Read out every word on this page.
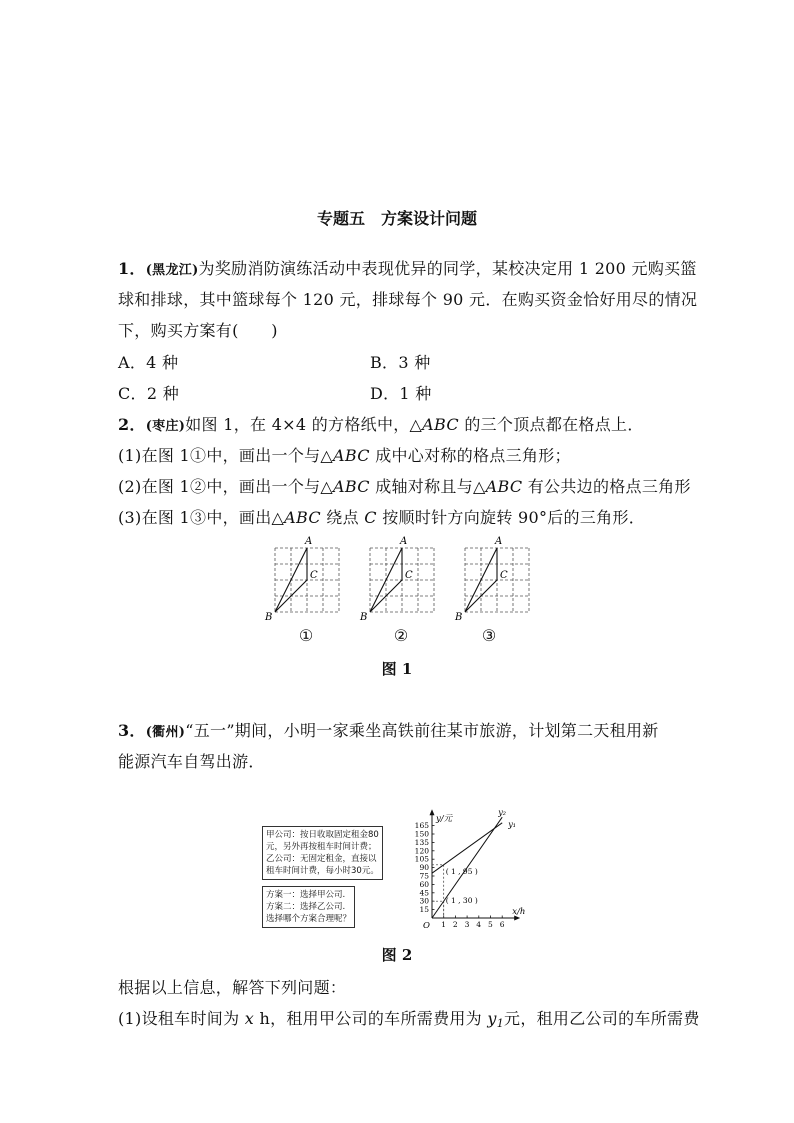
专题五　方案设计问题
1．(黑龙江)为奖励消防演练活动中表现优异的同学，某校决定用 1 200 元购买篮
球和排球，其中篮球每个 120 元，排球每个 90 元．在购买资金恰好用尽的情况
下，购买方案有(　　)
A．4 种	B．3 种
C．2 种	D．1 种
2．(枣庄)如图 1，在 4×4 的方格纸中，△ABC 的三个顶点都在格点上．
(1)在图 1①中，画出一个与△ABC 成中心对称的格点三角形；
(2)在图 1②中，画出一个与△ABC 成轴对称且与△ABC 有公共边的格点三角形
(3)在图 1③中，画出△ABC 绕点 C 按顺时针方向旋转 90°后的三角形．
A
C
B
A
C
B
A
C
B
①	②	③
图 1
3．(衢州)“五一”期间，小明一家乘坐高铁前往某市旅游，计划第二天租用新
能源汽车自驾出游．
甲公司：按日收取固定租金80
元，另外再按租车时间计费；
乙公司：无固定租金，直接以
租车时间计费，每小时30元。
方案一：选择甲公司.
方案二：选择乙公司.
选择哪个方案合理呢？
1 2 3 4 5 6
15
30
45
60
75
90
105
120
135
150
165
O
x/h
y/元
y₂
y₁
( 1 , 95 )
( 1 , 30 )
图 2
根据以上信息，解答下列问题：
(1)设租车时间为 x h，租用甲公司的车所需费用为 $y_1$元，租用乙公司的车所需费
